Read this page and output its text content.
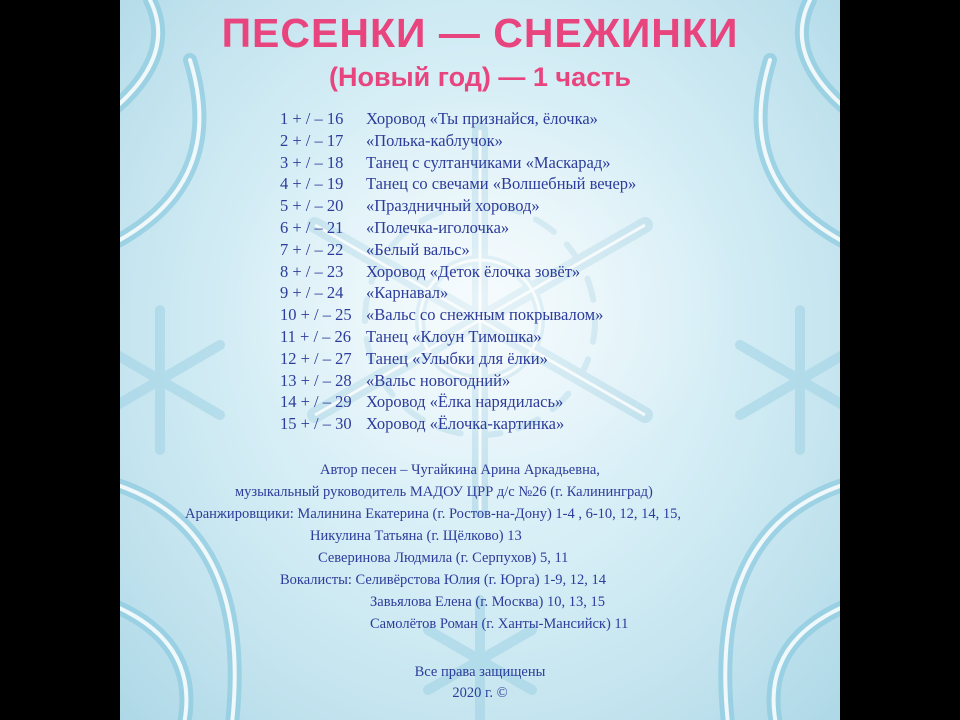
ПЕСЕНКИ — СНЕЖИНКИ
(Новый год) — 1 часть
1 + / – 16 Хоровод «Ты признайся, ёлочка»
2 + / – 17 «Полька-каблучок»
3 + / – 18 Танец с султанчиками «Маскарад»
4 + / – 19 Танец со свечами «Волшебный вечер»
5 + / – 20 «Праздничный хоровод»
6 + / – 21 «Полечка-иголочка»
7 + / – 22 «Белый вальс»
8 + / – 23 Хоровод «Деток ёлочка зовёт»
9 + / – 24 «Карнавал»
10 + / – 25 «Вальс со снежным покрывалом»
11 + / – 26 Танец «Клоун Тимошка»
12 + / – 27 Танец «Улыбки для ёлки»
13 + / – 28 «Вальс новогодний»
14 + / – 29 Хоровод «Ёлка нарядилась»
15 + / – 30 Хоровод «Ёлочка-картинка»
Автор песен – Чугайкина Арина Аркадьевна,
музыкальный руководитель МАДОУ ЦРР д/с №26 (г. Калининград)
Аранжировщики: Малинина Екатерина (г. Ростов-на-Дону) 1-4 , 6-10, 12, 14, 15,
Никулина Татьяна (г. Щёлково) 13
Северинова Людмила (г. Серпухов) 5, 11
Вокалисты: Селивёрстова Юлия (г. Юрга) 1-9, 12, 14
Завьялова Елена (г. Москва) 10, 13, 15
Самолётов Роман (г. Ханты-Мансийск) 11
Все права защищены
2020 г. ©
